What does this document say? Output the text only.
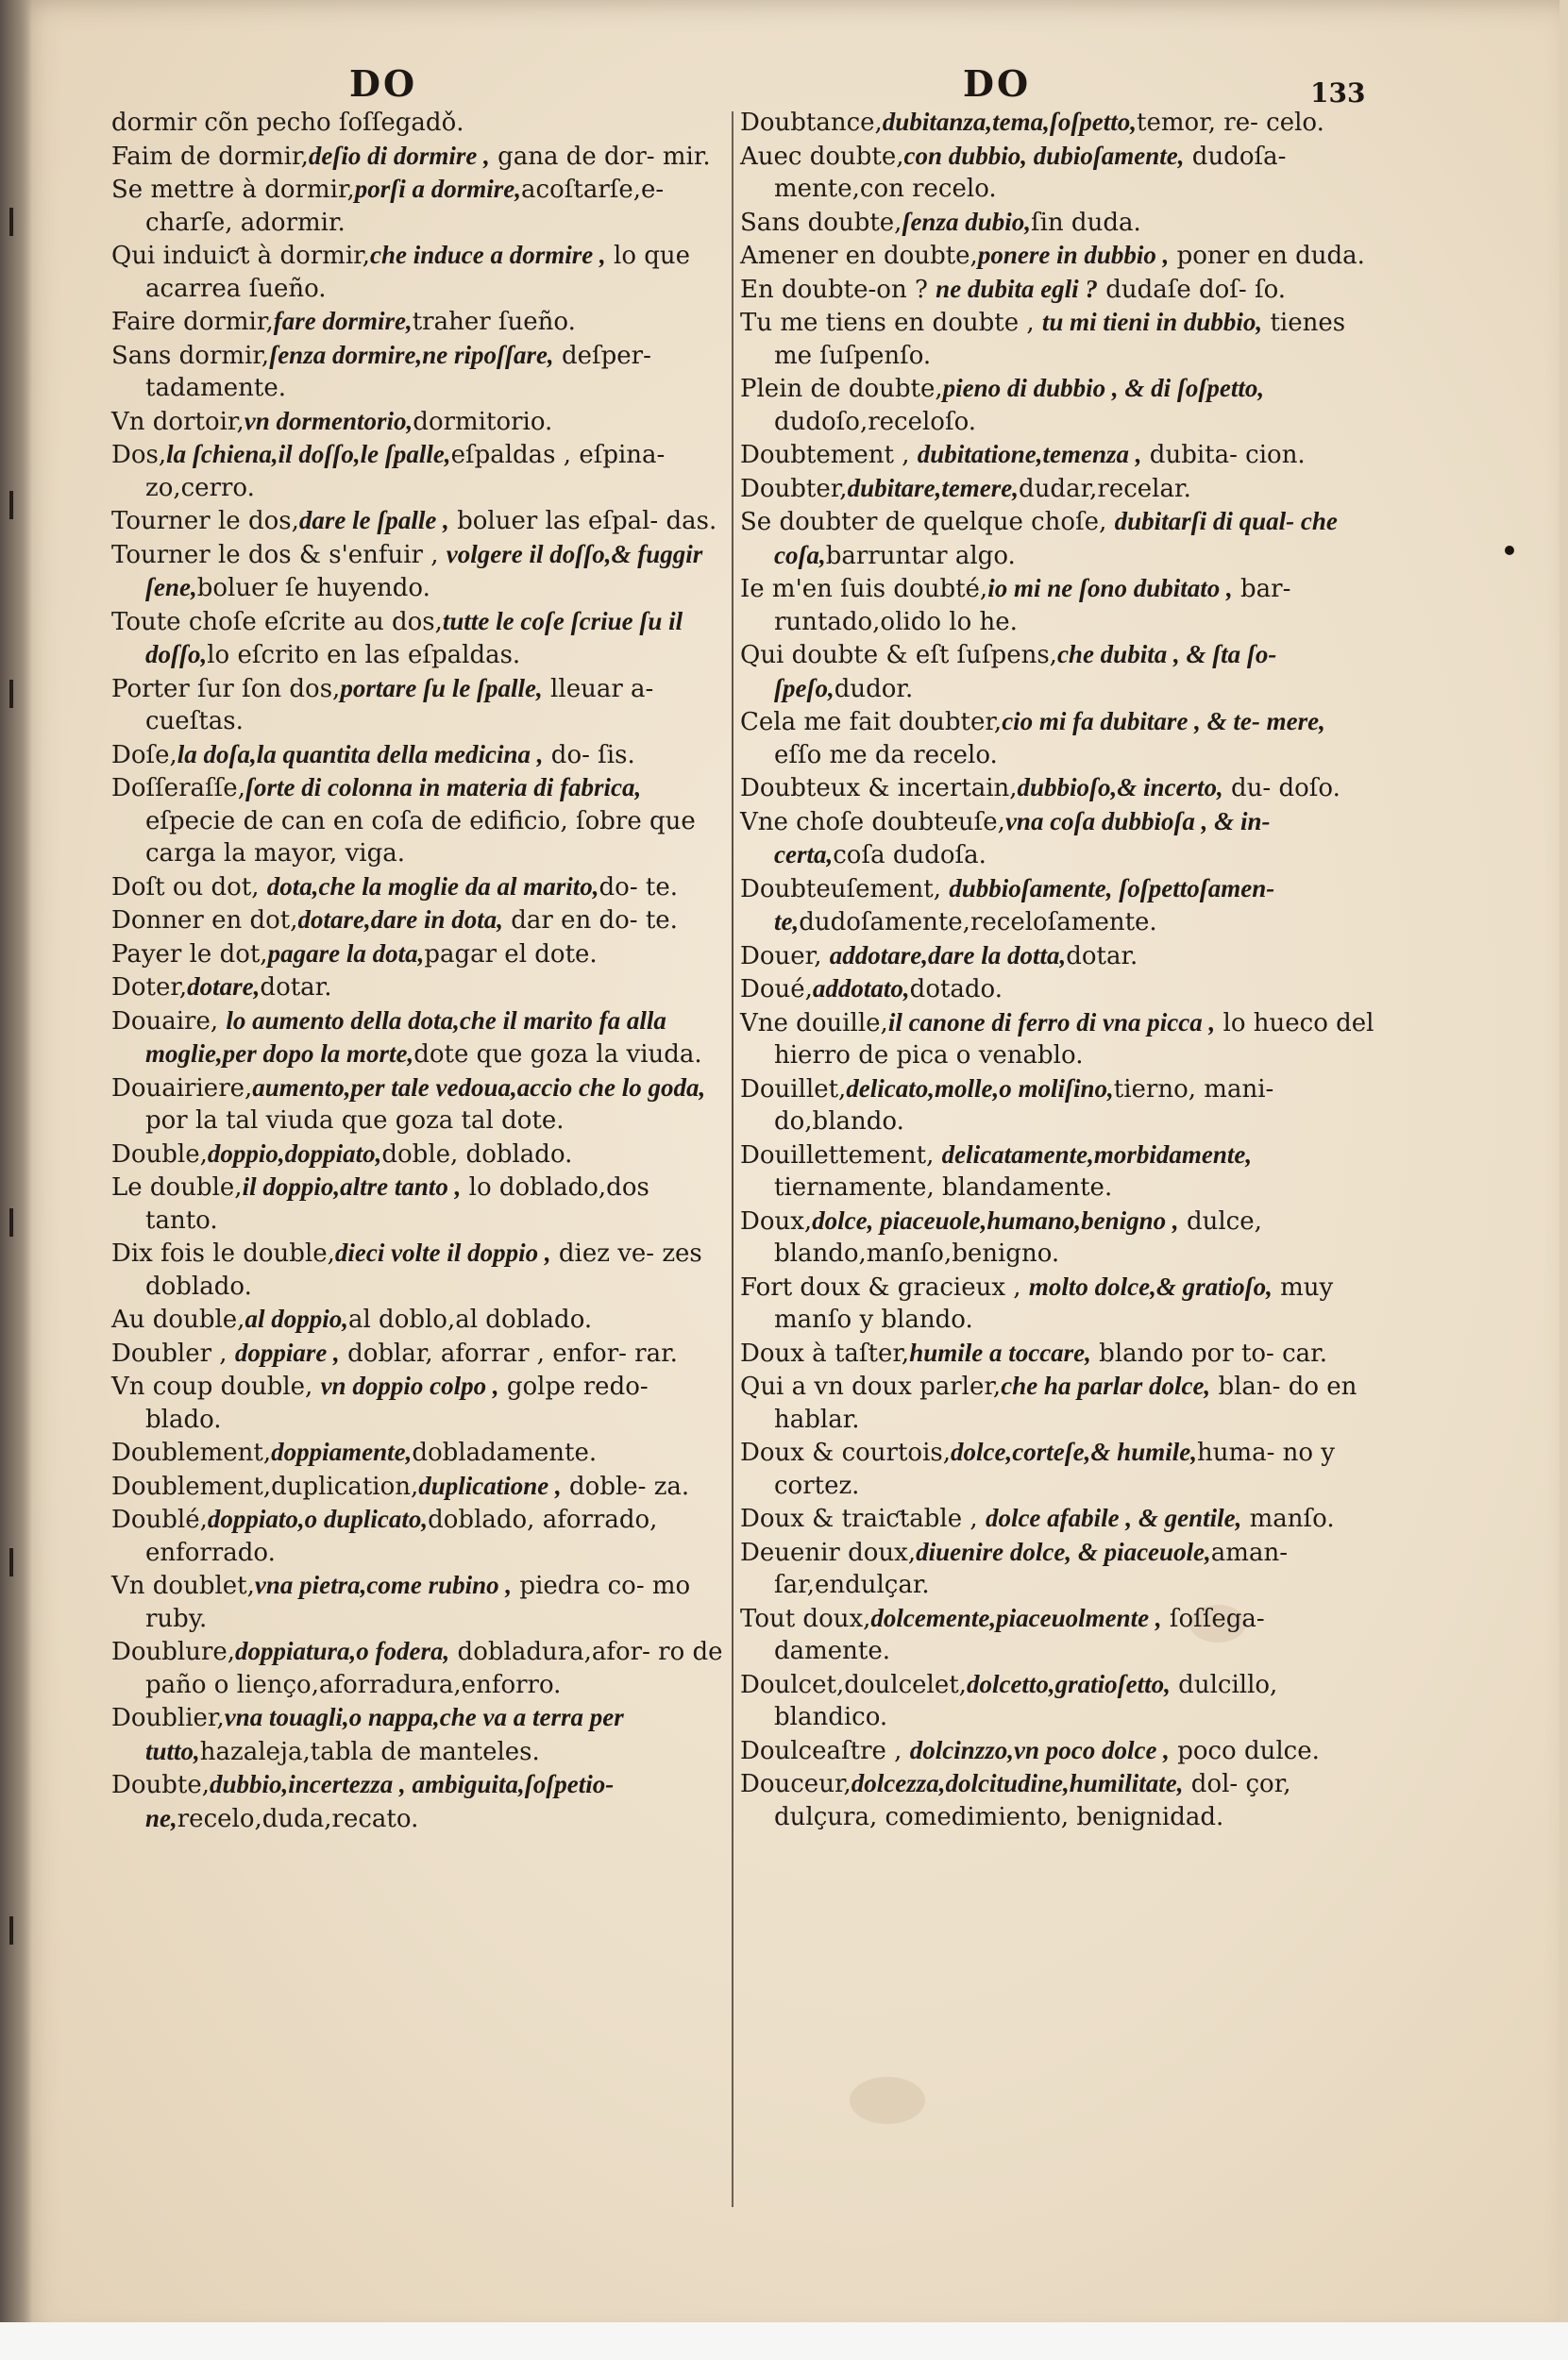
DO	DO	133

dormir cõn pecho ſoſſegadǒ.

Faim de dormir,deſio di dormire , gana de dor- mir.

Se mettre à dormir,porſi a dormire,acoſtarſe,e- charſe, adormir.

Qui induiƈt à dormir,che induce a dormire , lo que acarrea ſueño.

Faire dormir,fare dormire,traher ſueño.

Sans dormir,ſenza dormire,ne ripoſſare, deſper- tadamente.

Vn dortoir,vn dormentorio,dormitorio.

Dos,la ſchiena,il doſſo,le ſpalle,eſpaldas , eſpina- zo,cerro.

Tourner le dos,dare le ſpalle , boluer las eſpal- das.

Tourner le dos & s'enfuir , volgere il doſſo,& fuggir ſene,boluer ſe huyendo.

Toute choſe eſcrite au dos,tutte le coſe ſcriue ſu il doſſo,lo eſcrito en las eſpaldas.

Porter ſur ſon dos,portare ſu le ſpalle, lleuar a- cueſtas.

Doſe,la doſa,la quantita della medicina , do- ſis.

Doſſeraſſe,ſorte di colonna in materia di fabrica, eſpecie de can en coſa de edificio, ſobre que carga la mayor, viga.

Doſt ou dot, dota,che la moglie da al marito,do- te.

Donner en dot,dotare,dare in dota, dar en do- te.

Payer le dot,pagare la dota,pagar el dote.

Doter,dotare,dotar.

Douaire, lo aumento della dota,che il marito fa alla moglie,per dopo la morte,dote que goza la viuda.

Douairiere,aumento,per tale vedoua,accio che lo goda, por la tal viuda que goza tal dote.

Double,doppio,doppiato,doble, doblado.

Le double,il doppio,altre tanto , lo doblado,dos tanto.

Dix fois le double,dieci volte il doppio , diez ve- zes doblado.

Au double,al doppio,al doblo,al doblado.

Doubler , doppiare , doblar, aforrar , enfor- rar.

Vn coup double, vn doppio colpo , golpe redo- blado.

Doublement,doppiamente,dobladamente.

Doublement,duplication,duplicatione , doble- za.

Doublé,doppiato,o duplicato,doblado, aforrado, enforrado.

Vn doublet,vna pietra,come rubino , piedra co- mo ruby.

Doublure,doppiatura,o fodera, dobladura,afor- ro de paño o lienço,aforradura,enforro.

Doublier,vna touagli,o nappa,che va a terra per tutto,hazaleja,tabla de manteles.

Doubte,dubbio,incertezza , ambiguita,ſoſpetio- ne,recelo,duda,recato.

Doubtance,dubitanza,tema,ſoſpetto,temor, re- celo.

Auec doubte,con dubbio, dubioſamente, dudoſa- mente,con recelo.

Sans doubte,ſenza dubio,ſin duda.

Amener en doubte,ponere in dubbio , poner en duda.

En doubte-on ? ne dubita egli ? dudaſe doſ- ſo.

Tu me tiens en doubte , tu mi tieni in dubbio, tienes me ſuſpenſo.

Plein de doubte,pieno di dubbio , & di ſoſpetto, dudoſo,receloſo.

Doubtement , dubitatione,temenza , dubita- cion.

Doubter,dubitare,temere,dudar,recelar.

Se doubter de quelque choſe, dubitarſi di qual- che coſa,barruntar algo.

Ie m'en ſuis doubté,io mi ne ſono dubitato , bar- runtado,olido lo he.

Qui doubte & eſt ſuſpens,che dubita , & ſta ſo- ſpeſo,dudor.

Cela me fait doubter,cio mi fa dubitare , & te- mere, eſſo me da recelo.

Doubteux & incertain,dubbioſo,& incerto, du- doſo.

Vne choſe doubteuſe,vna coſa dubbioſa , & in- certa,coſa dudoſa.

Doubteuſement, dubbioſamente, ſoſpettoſamen- te,dudoſamente,receloſamente.

Douer, addotare,dare la dotta,dotar.

Doué,addotato,dotado.

Vne douille,il canone di ferro di vna picca , lo hueco del hierro de pica o venablo.

Douillet,delicato,molle,o moliſino,tierno, mani- do,blando.

Douillettement, delicatamente,morbidamente, tiernamente, blandamente.

Doux,dolce, piaceuole,humano,benigno , dulce, blando,manſo,benigno.

Fort doux & gracieux , molto dolce,& gratioſo, muy manſo y blando.

Doux à taſter,humile a toccare, blando por to- car.

Qui a vn doux parler,che ha parlar dolce, blan- do en hablar.

Doux & courtois,dolce,corteſe,& humile,huma- no y cortez.

Doux & traiƈtable , dolce afabile , & gentile, manſo.

Deuenir doux,diuenire dolce, & piaceuole,aman- ſar,endulçar.

Tout doux,dolcemente,piaceuolmente , ſoſſega- damente.

Doulcet,doulcelet,dolcetto,gratioſetto, dulcillo, blandico.

Doulceaſtre , dolcinzzo,vn poco dolce , poco dulce.

Douceur,dolcezza,dolcitudine,humilitate, dol- çor, dulçura, comedimiento, benignidad.
